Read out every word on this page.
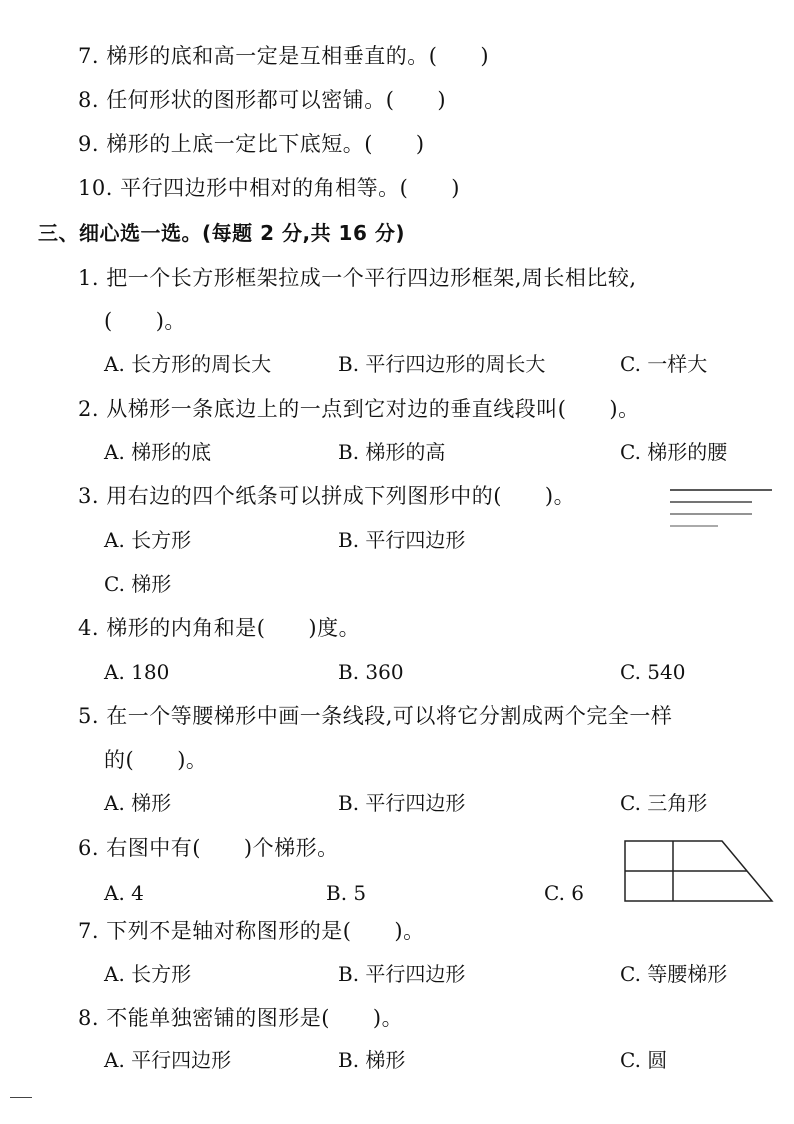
7. 梯形的底和高一定是互相垂直的。(　　)
8. 任何形状的图形都可以密铺。(　　)
9. 梯形的上底一定比下底短。(　　)
10. 平行四边形中相对的角相等。(　　)
三、细心选一选。(每题 2 分,共 16 分)
1. 把一个长方形框架拉成一个平行四边形框架,周长相比较,
(　　)。
A. 长方形的周长大	B. 平行四边形的周长大	C. 一样大
2. 从梯形一条底边上的一点到它对边的垂直线段叫(　　)。
A. 梯形的底	B. 梯形的高	C. 梯形的腰
3. 用右边的四个纸条可以拼成下列图形中的(　　)。
A. 长方形	B. 平行四边形
C. 梯形
4. 梯形的内角和是(　　)度。
A. 180	B. 360	C. 540
5. 在一个等腰梯形中画一条线段,可以将它分割成两个完全一样
的(　　)。
A. 梯形	B. 平行四边形	C. 三角形
6. 右图中有(　　)个梯形。
A. 4	B. 5	C. 6
7. 下列不是轴对称图形的是(　　)。
A. 长方形	B. 平行四边形	C. 等腰梯形
8. 不能单独密铺的图形是(　　)。
A. 平行四边形	B. 梯形	C. 圆
